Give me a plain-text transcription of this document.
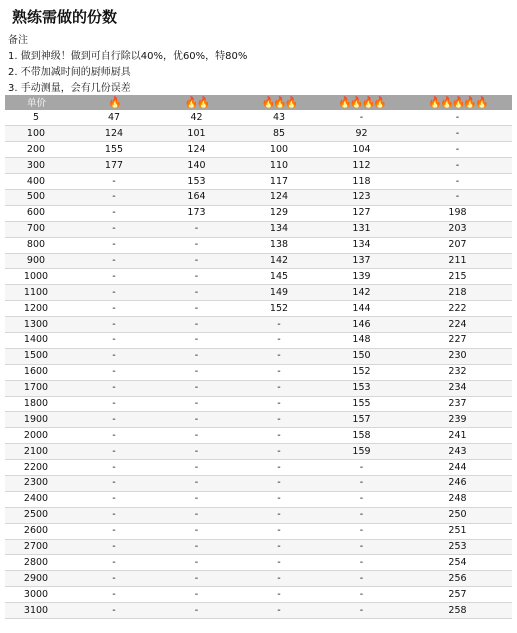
熟练需做的份数
备注
1. 做到神级！做到可自行除以40%，优60%，特80%
2. 不带加减时间的厨师厨具
3. 手动测量，会有几份误差
单价	🔥	🔥🔥	🔥🔥🔥	🔥🔥🔥🔥	🔥🔥🔥🔥🔥
5	47	42	43	-	-
100	124	101	85	92	-
200	155	124	100	104	-
300	177	140	110	112	-
400	-	153	117	118	-
500	-	164	124	123	-
600	-	173	129	127	198
700	-	-	134	131	203
800	-	-	138	134	207
900	-	-	142	137	211
1000	-	-	145	139	215
1100	-	-	149	142	218
1200	-	-	152	144	222
1300	-	-	-	146	224
1400	-	-	-	148	227
1500	-	-	-	150	230
1600	-	-	-	152	232
1700	-	-	-	153	234
1800	-	-	-	155	237
1900	-	-	-	157	239
2000	-	-	-	158	241
2100	-	-	-	159	243
2200	-	-	-	-	244
2300	-	-	-	-	246
2400	-	-	-	-	248
2500	-	-	-	-	250
2600	-	-	-	-	251
2700	-	-	-	-	253
2800	-	-	-	-	254
2900	-	-	-	-	256
3000	-	-	-	-	257
3100	-	-	-	-	258
